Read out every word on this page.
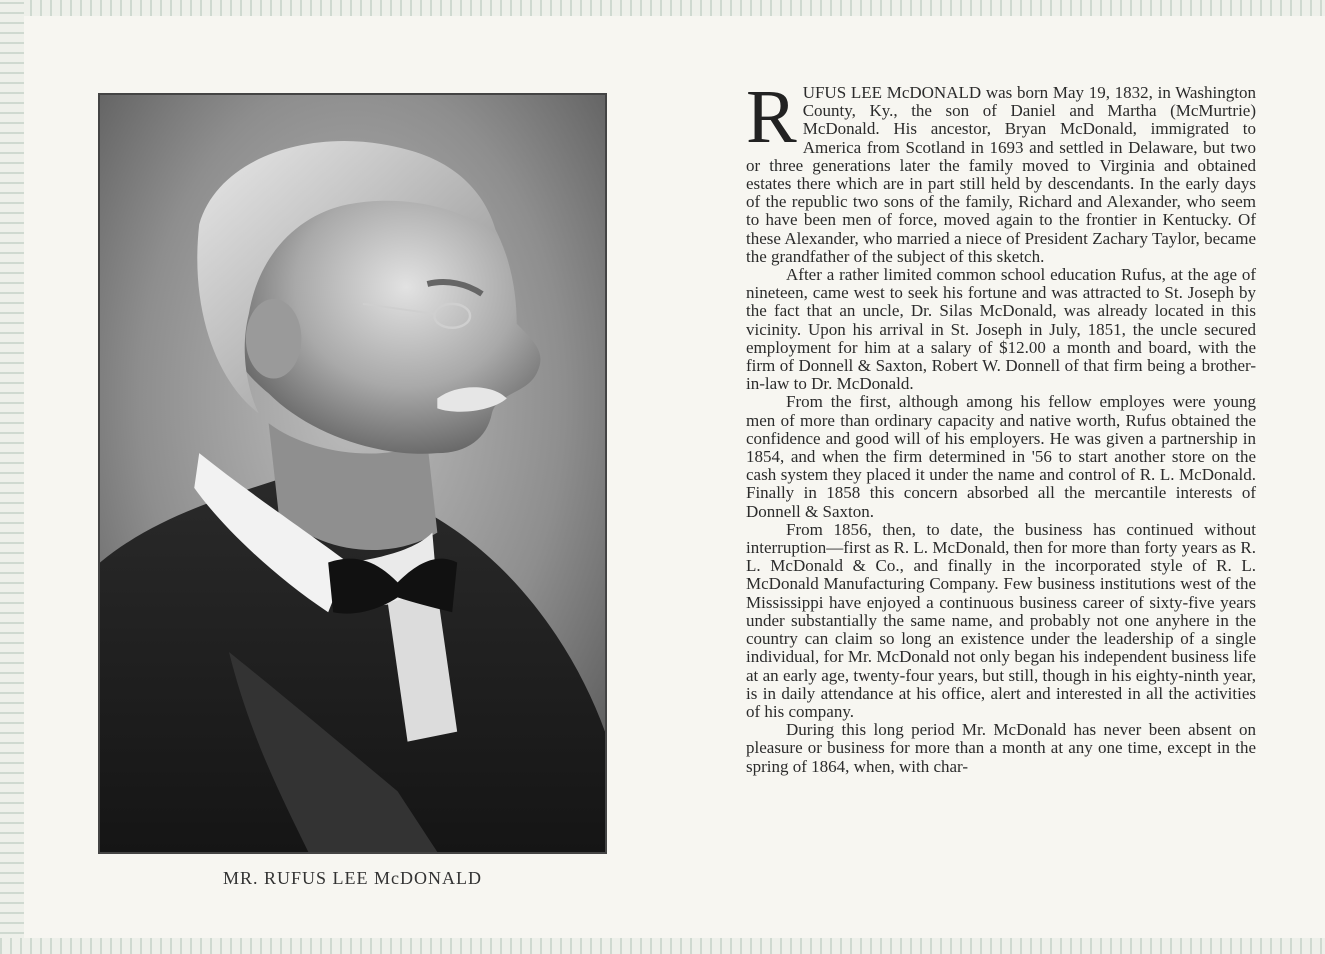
MR. RUFUS LEE McDONALD

RUFUS LEE McDONALD was born May 19, 1832, in Washington County, Ky., the son of Daniel and Martha (McMurtrie) McDonald. His ancestor, Bryan McDonald, immigrated to America from Scotland in 1693 and settled in Delaware, but two or three generations later the family moved to Virginia and obtained estates there which are in part still held by descendants. In the early days of the republic two sons of the family, Richard and Alexander, who seem to have been men of force, moved again to the frontier in Kentucky. Of these Alexander, who married a niece of President Zachary Taylor, became the grandfather of the subject of this sketch.

After a rather limited common school education Rufus, at the age of nineteen, came west to seek his fortune and was attracted to St. Joseph by the fact that an uncle, Dr. Silas McDonald, was already located in this vicinity. Upon his arrival in St. Joseph in July, 1851, the uncle secured employment for him at a salary of $12.00 a month and board, with the firm of Donnell & Saxton, Robert W. Donnell of that firm being a brother-in-law to Dr. McDonald.

From the first, although among his fellow employes were young men of more than ordinary capacity and native worth, Rufus obtained the confidence and good will of his employers. He was given a partnership in 1854, and when the firm determined in '56 to start another store on the cash system they placed it under the name and control of R. L. McDonald. Finally in 1858 this concern absorbed all the mercantile interests of Donnell & Saxton.

From 1856, then, to date, the business has continued without interruption—first as R. L. McDonald, then for more than forty years as R. L. McDonald & Co., and finally in the incorporated style of R. L. McDonald Manufacturing Company. Few business institutions west of the Mississippi have enjoyed a continuous business career of sixty-five years under substantially the same name, and probably not one anyhere in the country can claim so long an existence under the leadership of a single individual, for Mr. McDonald not only began his independent business life at an early age, twenty-four years, but still, though in his eighty-ninth year, is in daily attendance at his office, alert and interested in all the activities of his company.

During this long period Mr. McDonald has never been absent on pleasure or business for more than a month at any one time, except in the spring of 1864, when, with char-
